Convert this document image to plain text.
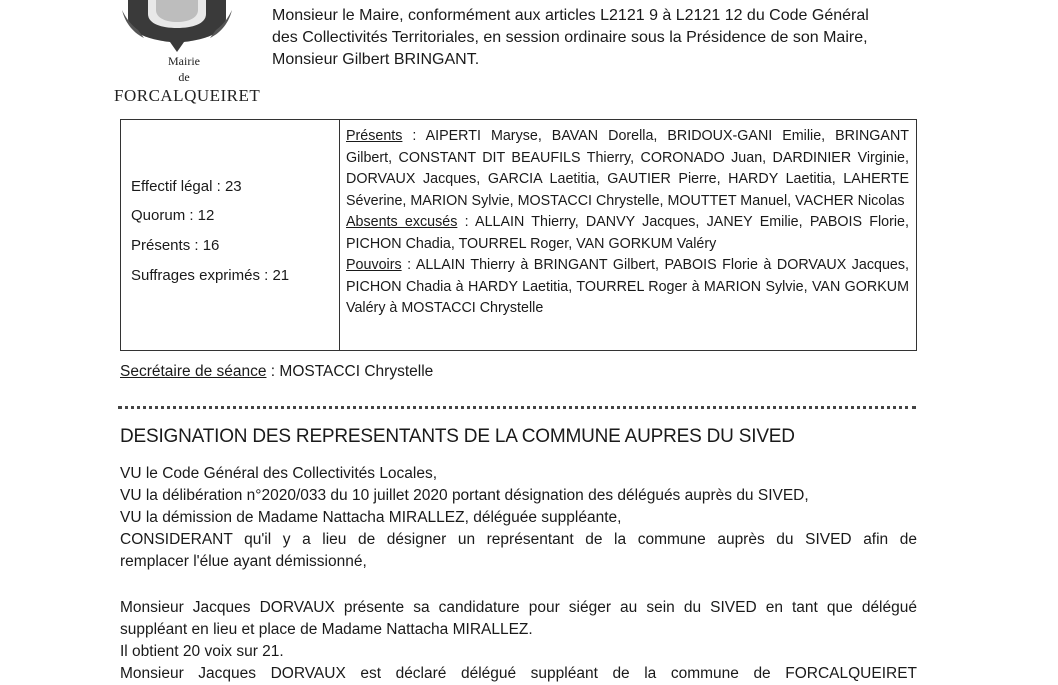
Mairie
de
FORCALQUEIRET
Monsieur le Maire, conformément aux articles L2121 9 à L2121 12 du Code Général
des Collectivités Territoriales, en session ordinaire sous la Présidence de son Maire,
Monsieur Gilbert BRINGANT.
Effectif légal : 23
Quorum : 12
Présents : 16
Suffrages exprimés : 21

Présents : AIPERTI Maryse, BAVAN Dorella, BRIDOUX-GANI Emilie, BRINGANT Gilbert, CONSTANT DIT BEAUFILS Thierry, CORONADO Juan, DARDINIER Virginie, DORVAUX Jacques, GARCIA Laetitia, GAUTIER Pierre, HARDY Laetitia, LAHERTE Séverine, MARION Sylvie, MOSTACCI Chrystelle, MOUTTET Manuel, VACHER Nicolas

Absents excusés : ALLAIN Thierry, DANVY Jacques, JANEY Emilie, PABOIS Florie, PICHON Chadia, TOURREL Roger, VAN GORKUM Valéry

Pouvoirs : ALLAIN Thierry à BRINGANT Gilbert, PABOIS Florie à DORVAUX Jacques, PICHON Chadia à HARDY Laetitia, TOURREL Roger à MARION Sylvie, VAN GORKUM Valéry à MOSTACCI Chrystelle

Secrétaire de séance : MOSTACCI Chrystelle
DESIGNATION DES REPRESENTANTS DE LA COMMUNE AUPRES DU SIVED
VU le Code Général des Collectivités Locales,
VU la délibération n°2020/033 du 10 juillet 2020 portant désignation des délégués auprès du SIVED,
VU la démission de Madame Nattacha MIRALLEZ, déléguée suppléante,
CONSIDERANT qu'il y a lieu de désigner un représentant de la commune auprès du SIVED afin de
remplacer l'élue ayant démissionné,
Monsieur Jacques DORVAUX présente sa candidature pour siéger au sein du SIVED en tant que délégué
suppléant en lieu et place de Madame Nattacha MIRALLEZ.
Il obtient 20 voix sur 21.
Monsieur Jacques DORVAUX est déclaré délégué suppléant de la commune de FORCALQUEIRET
